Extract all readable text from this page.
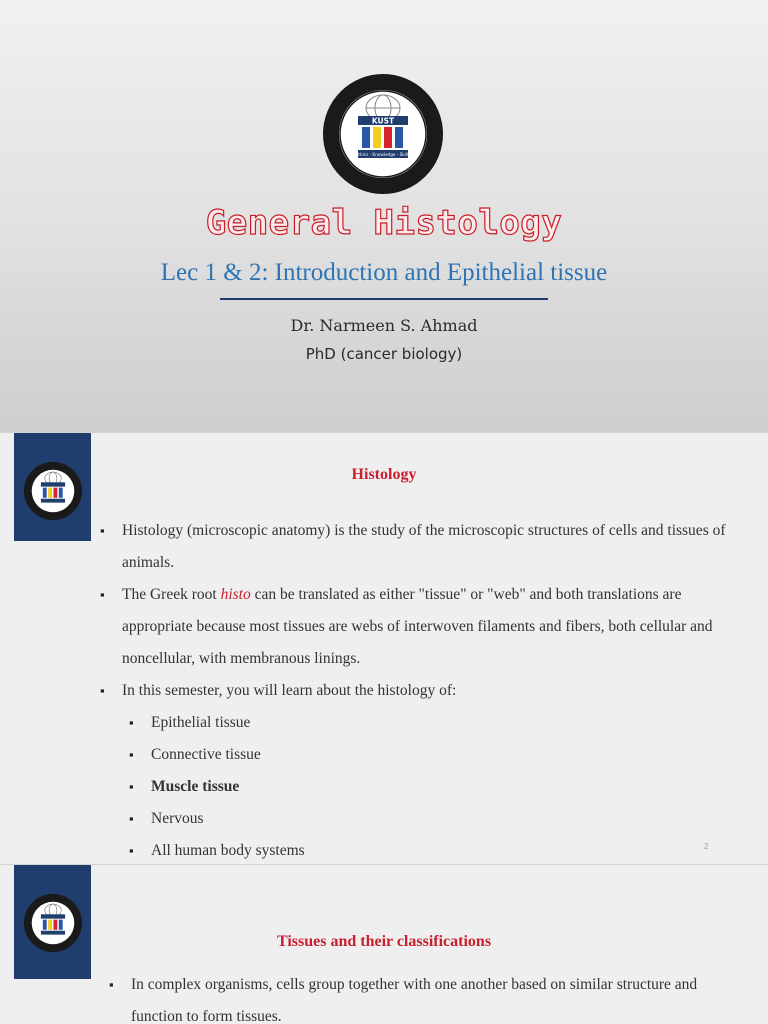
KUST
Ethics - Knowledge - Skills
General Histology
Lec 1 & 2: Introduction and Epithelial tissue
Dr. Narmeen S. Ahmad
PhD (cancer biology)
Histology
▪ Histology (microscopic anatomy) is the study of the microscopic structures of cells and tissues of animals.
▪ The Greek root histo can be translated as either "tissue" or "web" and both translations are appropriate because most tissues are webs of interwoven filaments and fibers, both cellular and noncellular, with membranous linings.
▪ In this semester, you will learn about the histology of:
▪ Epithelial tissue
▪ Connective tissue
▪ Muscle tissue
▪ Nervous
▪ All human body systems	2
Tissues and their classifications
▪ In complex organisms, cells group together with one another based on similar structure and function to form tissues.
